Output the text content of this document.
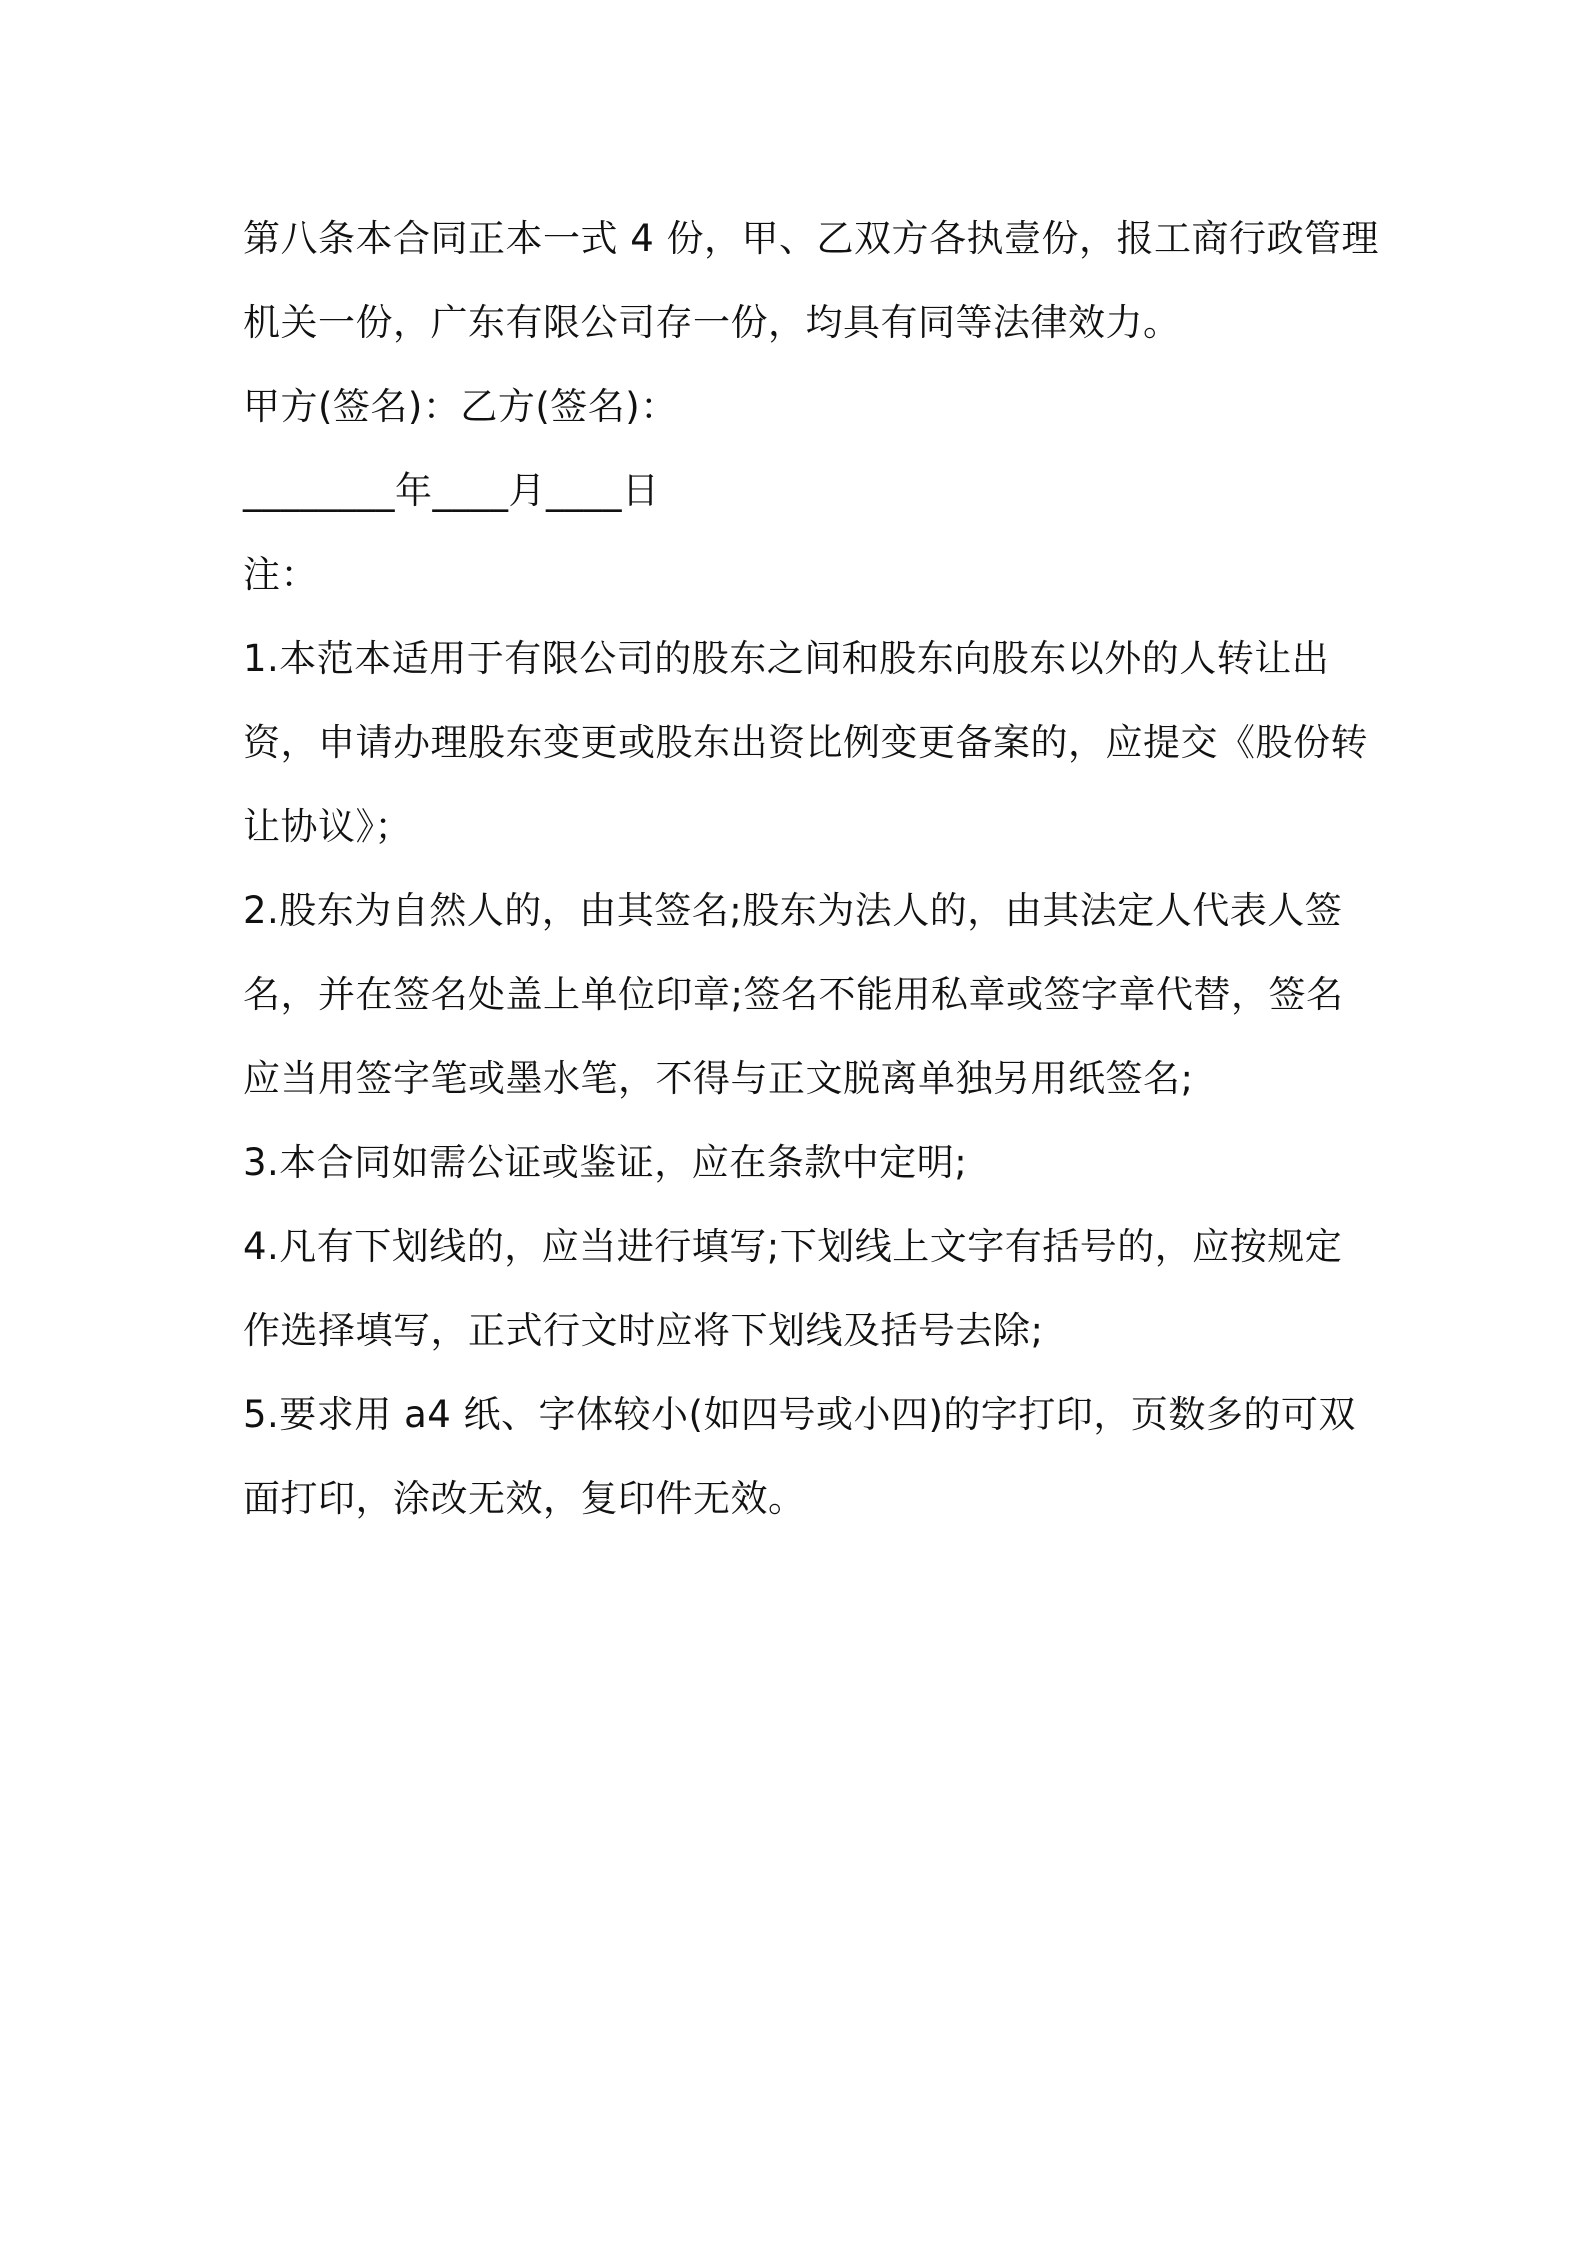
第八条本合同正本一式 4 份，甲、乙双方各执壹份，报工商行政管理
机关一份，广东有限公司存一份，均具有同等法律效力。
甲方(签名)：乙方(签名)：
________年____月____日
注：
1.本范本适用于有限公司的股东之间和股东向股东以外的人转让出
资，申请办理股东变更或股东出资比例变更备案的，应提交《股份转
让协议》；
2.股东为自然人的，由其签名;股东为法人的，由其法定人代表人签
名，并在签名处盖上单位印章;签名不能用私章或签字章代替，签名
应当用签字笔或墨水笔，不得与正文脱离单独另用纸签名;
3.本合同如需公证或鉴证，应在条款中定明;
4.凡有下划线的，应当进行填写;下划线上文字有括号的，应按规定
作选择填写，正式行文时应将下划线及括号去除;
5.要求用 a4 纸、字体较小(如四号或小四)的字打印，页数多的可双
面打印，涂改无效，复印件无效。
